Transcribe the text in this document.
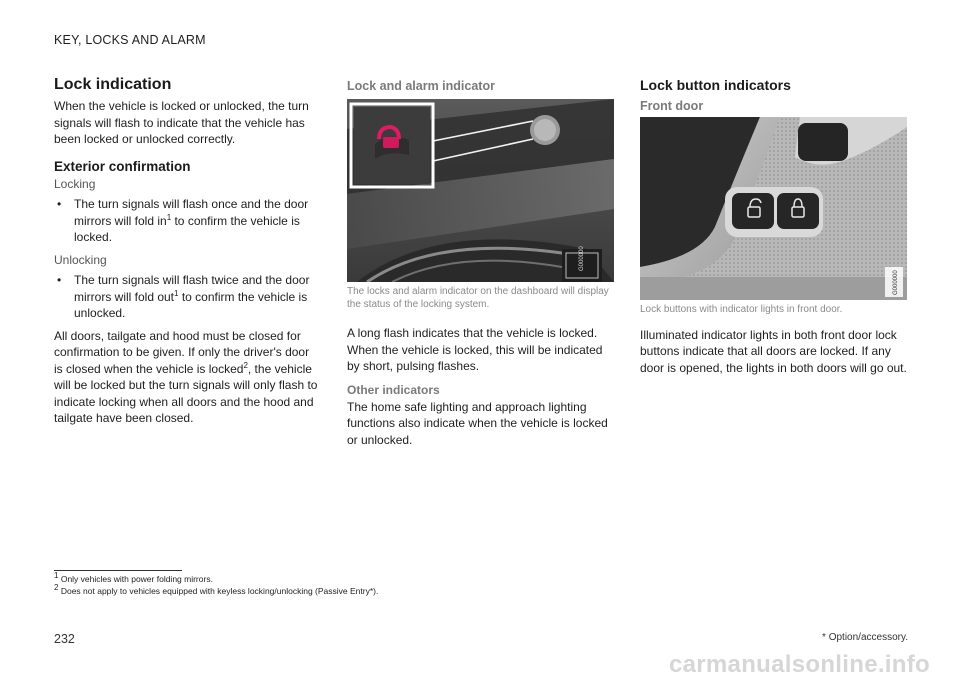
KEY, LOCKS AND ALARM
Lock indication

When the vehicle is locked or unlocked, the turn signals will flash to indicate that the vehicle has been locked or unlocked correctly.

Exterior confirmation
Locking
• The turn signals will flash once and the door mirrors will fold $in^1$ to confirm the vehicle is locked.
Unlocking
• The turn signals will flash twice and the door mirrors will fold out$^1$ to confirm the vehicle is unlocked.

All doors, tailgate and hood must be closed for confirmation to be given. If only the driver's door is closed when the vehicle is locked$^2$, the vehicle will be locked but the turn signals will only flash to indicate locking when all doors and the hood and tailgate have been closed.

Lock and alarm indicator
G000000
The locks and alarm indicator on the dashboard will display the status of the locking system.

A long flash indicates that the vehicle is locked. When the vehicle is locked, this will be indicated by short, pulsing flashes.

Other indicators

The home safe lighting and approach lighting functions also indicate when the vehicle is locked or unlocked.

Lock button indicators
Front door
G000000
Lock buttons with indicator lights in front door.

Illuminated indicator lights in both front door lock buttons indicate that all doors are locked. If any door is opened, the lights in both doors will go out.

$^1$ Only vehicles with power folding mirrors.
$^2$ Does not apply to vehicles equipped with keyless locking/unlocking (Passive Entry*).
232	* Option/accessory.
carmanualsonline.info
